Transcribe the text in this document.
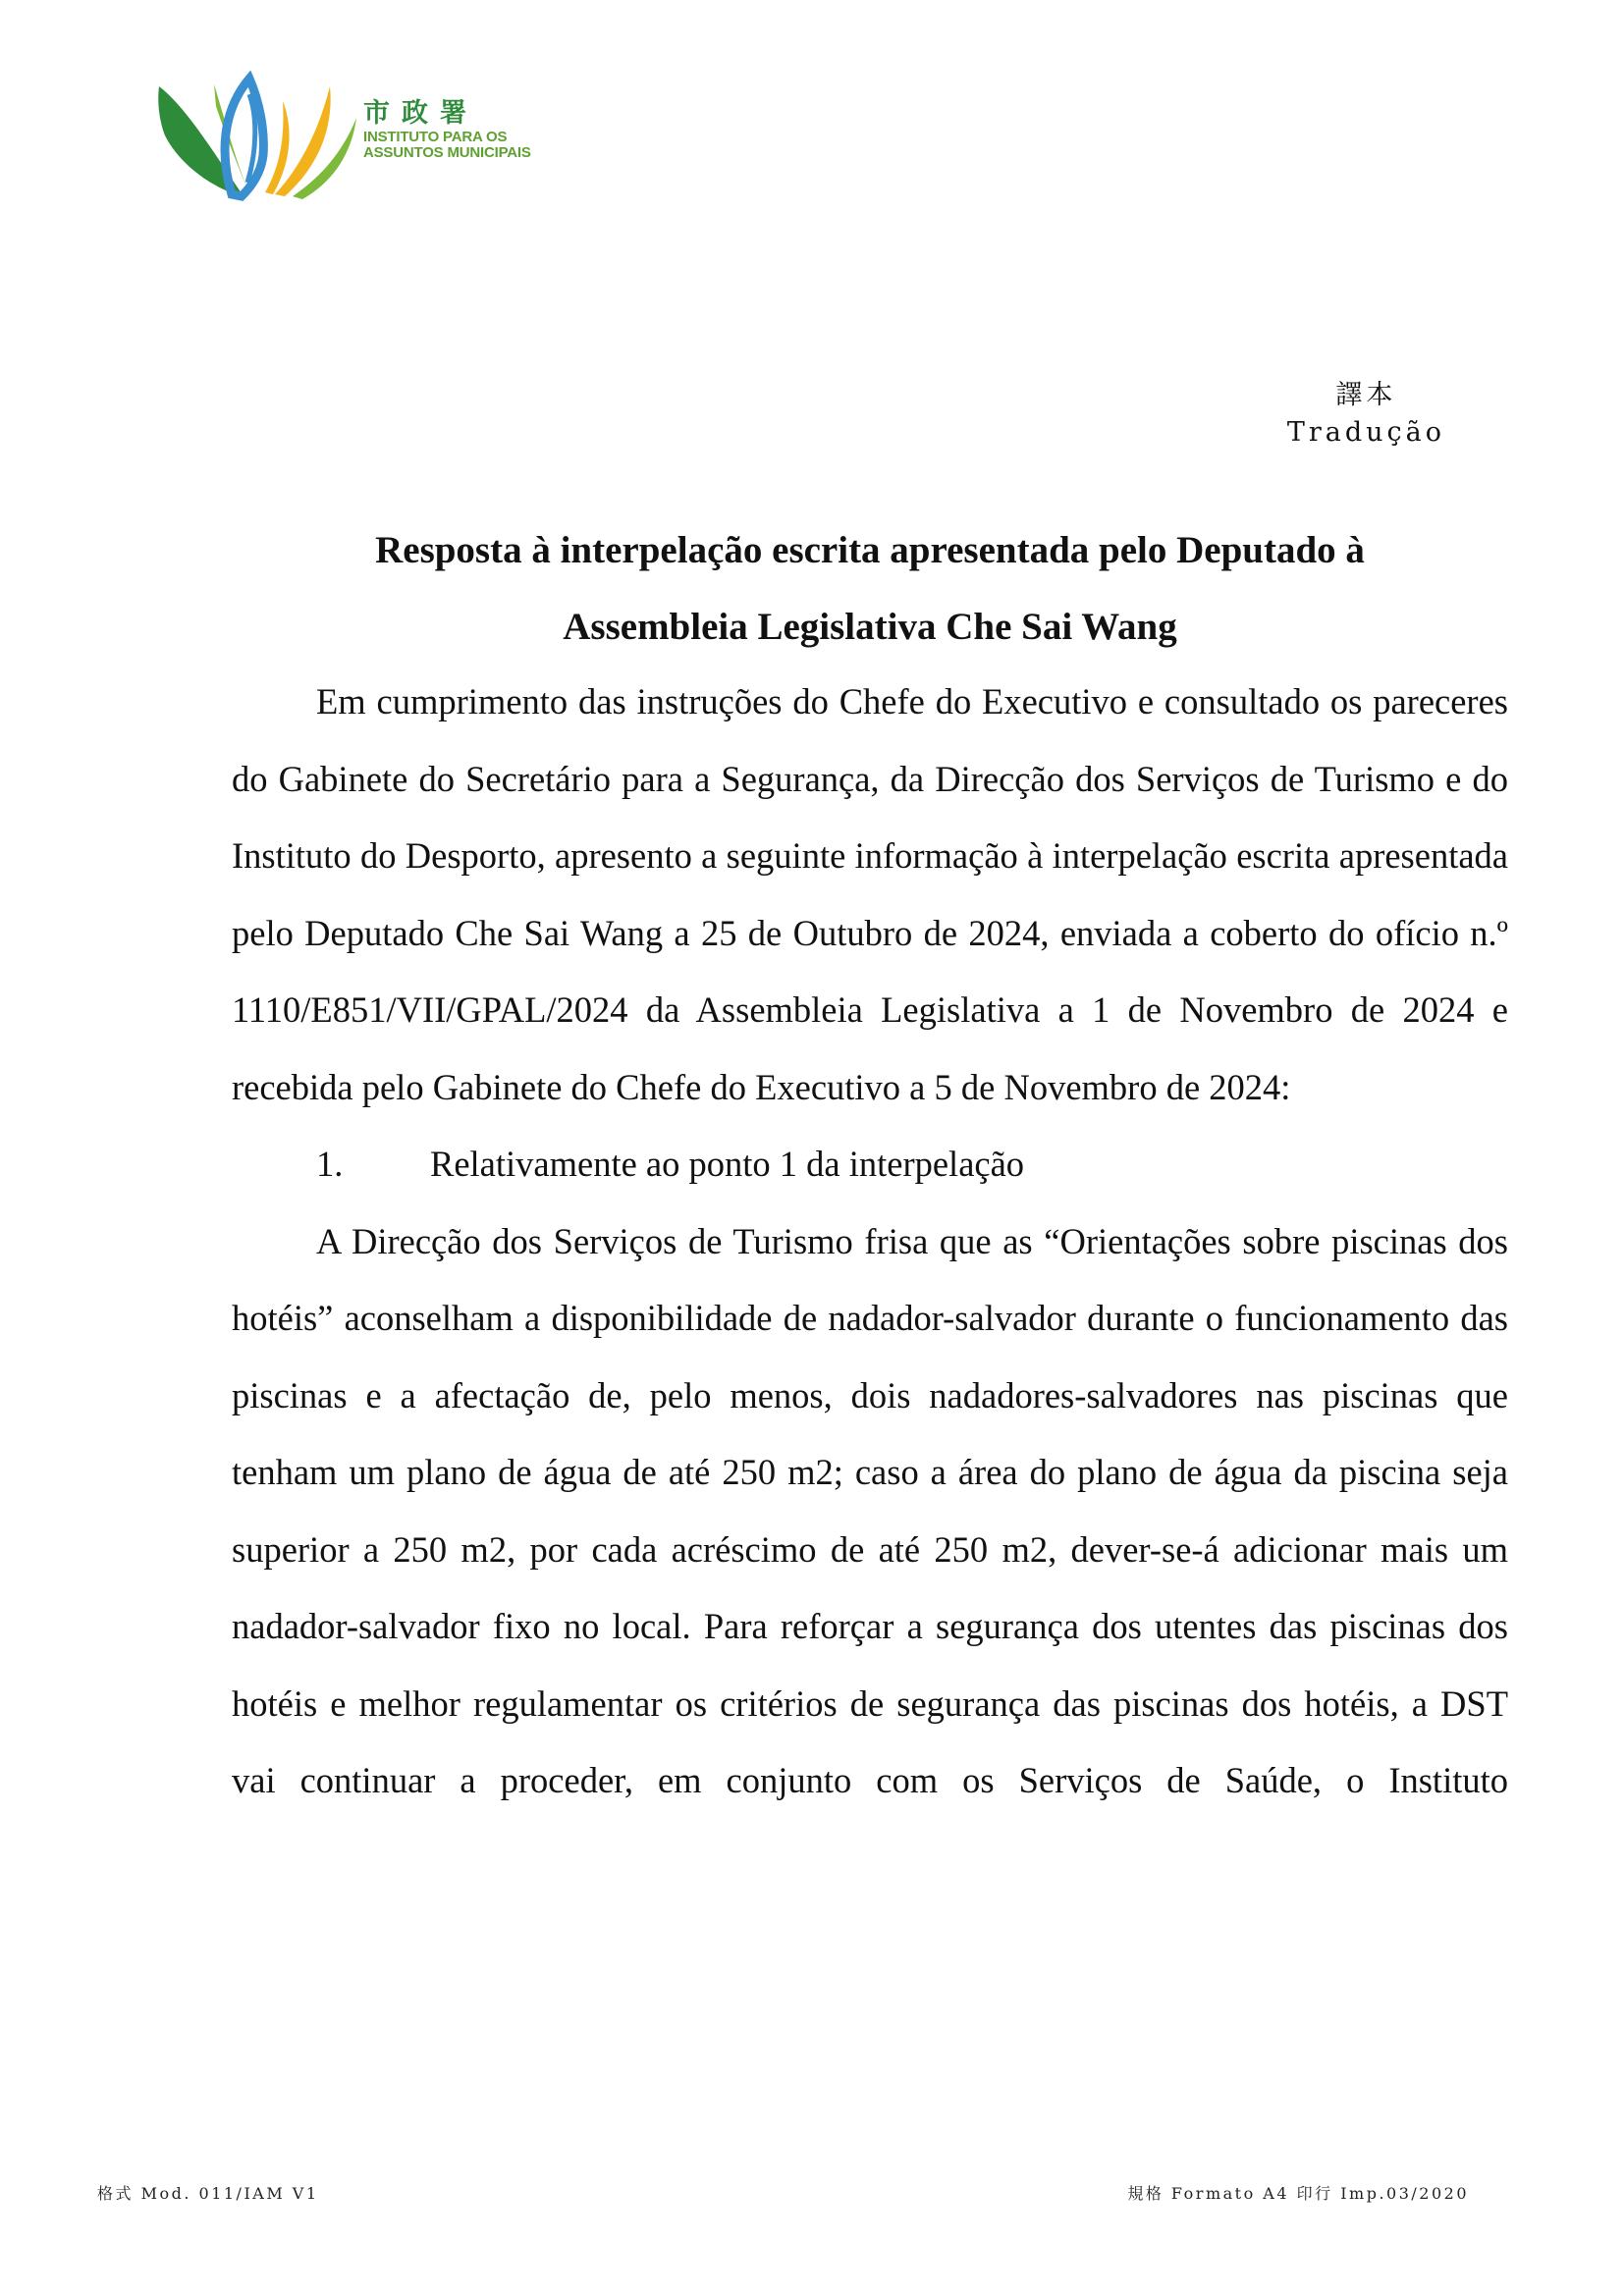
市政署
INSTITUTO PARA OS
ASSUNTOS MUNICIPAIS
譯本
Tradução
Resposta à interpelação escrita apresentada pelo Deputado à
Assembleia Legislativa Che Sai Wang

Em cumprimento das instruções do Chefe do Executivo e consultado os pareceres do Gabinete do Secretário para a Segurança, da Direcção dos Serviços de Turismo e do Instituto do Desporto, apresento a seguinte informação à interpelação escrita apresentada pelo Deputado Che Sai Wang a 25 de Outubro de 2024, enviada a coberto do ofício n.º 1110/E851/VII/GPAL/2024 da Assembleia Legislativa a 1 de Novembro de 2024 e recebida pelo Gabinete do Chefe do Executivo a 5 de Novembro de 2024:

1. Relativamente ao ponto 1 da interpelação

A Direcção dos Serviços de Turismo frisa que as “Orientações sobre piscinas dos hotéis” aconselham a disponibilidade de nadador-salvador durante o funcionamento das piscinas e a afectação de, pelo menos, dois nadadores-salvadores nas piscinas que tenham um plano de água de até 250 m2; caso a área do plano de água da piscina seja superior a 250 m2, por cada acréscimo de até 250 m2, dever-se-á adicionar mais um nadador-salvador fixo no local. Para reforçar a segurança dos utentes das piscinas dos hotéis e melhor regulamentar os critérios de segurança das piscinas dos hotéis, a DST vai continuar a proceder, em conjunto com os Serviços de Saúde, o Instituto

格式 Mod. 011/IAM V1	規格 Formato A4 印行 Imp.03/2020
